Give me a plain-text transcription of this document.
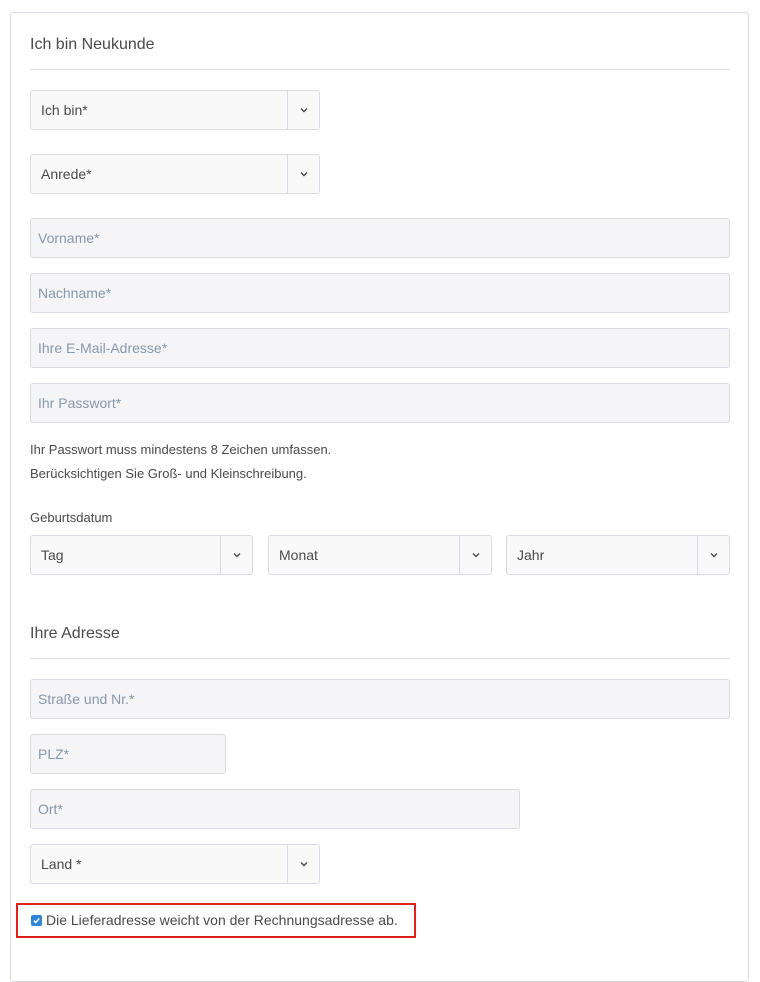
Ich bin Neukunde
Ich bin*
Anrede*
Vorname*
Nachname*
Ihre E-Mail-Adresse*
Ihr Passwort*
Ihr Passwort muss mindestens 8 Zeichen umfassen.
Berücksichtigen Sie Groß- und Kleinschreibung.
Geburtsdatum
Tag	Monat	Jahr
Ihre Adresse
Straße und Nr.*
PLZ*
Ort*
Land *
Die Lieferadresse weicht von der Rechnungsadresse ab.
